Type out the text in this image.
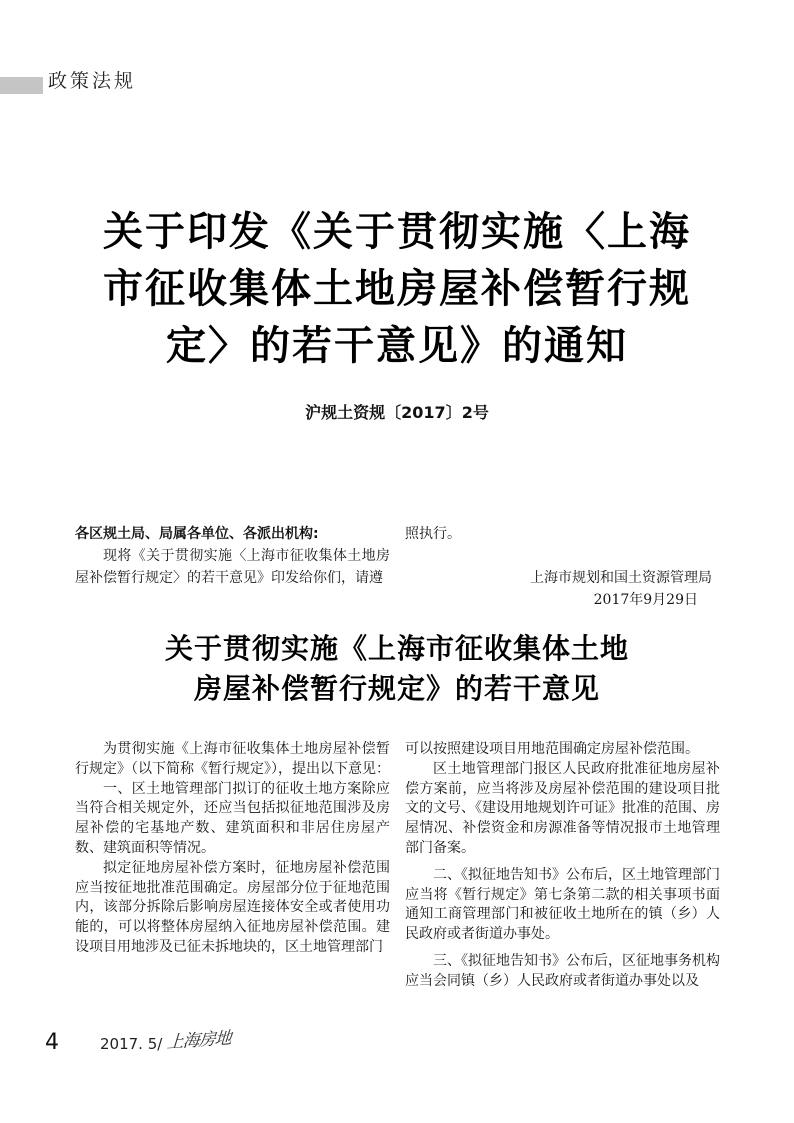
政策法规
关于印发《关于贯彻实施〈上海
市征收集体土地房屋补偿暂行规
定〉的若干意见》的通知
沪规土资规〔2017〕2号

各区规土局、局属各单位、各派出机构:

现将《关于贯彻实施〈上海市征收集体土地房屋补偿暂行规定〉的若干意见》印发给你们，请遵

照执行。

上海市规划和国土资源管理局

2017年9月29日

关于贯彻实施《上海市征收集体土地
房屋补偿暂行规定》的若干意见

为贯彻实施《上海市征收集体土地房屋补偿暂行规定》（以下简称《暂行规定》），提出以下意见：

一、区土地管理部门拟订的征收土地方案除应当符合相关规定外，还应当包括拟征地范围涉及房屋补偿的宅基地产数、建筑面积和非居住房屋产数、建筑面积等情况。

拟定征地房屋补偿方案时，征地房屋补偿范围应当按征地批准范围确定。房屋部分位于征地范围内，该部分拆除后影响房屋连接体安全或者使用功能的，可以将整体房屋纳入征地房屋补偿范围。建设项目用地涉及已征未拆地块的，区土地管理部门

可以按照建设项目用地范围确定房屋补偿范围。

区土地管理部门报区人民政府批准征地房屋补偿方案前，应当将涉及房屋补偿范围的建设项目批文的文号、《建设用地规划许可证》批准的范围、房屋情况、补偿资金和房源准备等情况报市土地管理部门备案。

二、《拟征地告知书》公布后，区土地管理部门应当将《暂行规定》第七条第二款的相关事项书面通知工商管理部门和被征收土地所在的镇（乡）人民政府或者街道办事处。

三、《拟征地告知书》公布后，区征地事务机构应当会同镇（乡）人民政府或者街道办事处以及

4	2017. 5/ 上海房地
